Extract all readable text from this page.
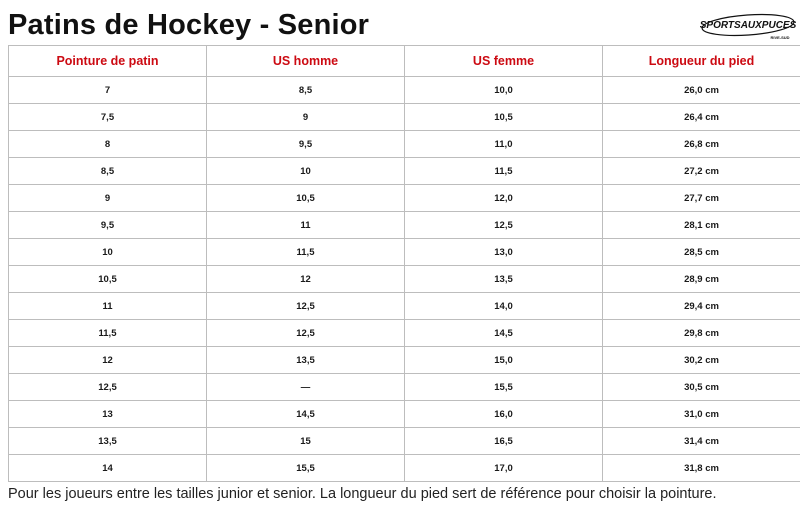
Patins de Hockey - Senior	SPORTSAUXPUCES
RIVE-SUD
Pointure de patin	US homme	US femme	Longueur du pied
7	8,5	10,0	26,0 cm
7,5	9	10,5	26,4 cm
8	9,5	11,0	26,8 cm
8,5	10	11,5	27,2 cm
9	10,5	12,0	27,7 cm
9,5	11	12,5	28,1 cm
10	11,5	13,0	28,5 cm
10,5	12	13,5	28,9 cm
11	12,5	14,0	29,4 cm
11,5	12,5	14,5	29,8 cm
12	13,5	15,0	30,2 cm
12,5	—	15,5	30,5 cm
13	14,5	16,0	31,0 cm
13,5	15	16,5	31,4 cm
14	15,5	17,0	31,8 cm
Pour les joueurs entre les tailles junior et senior. La longueur du pied sert de référence pour choisir la pointure.
